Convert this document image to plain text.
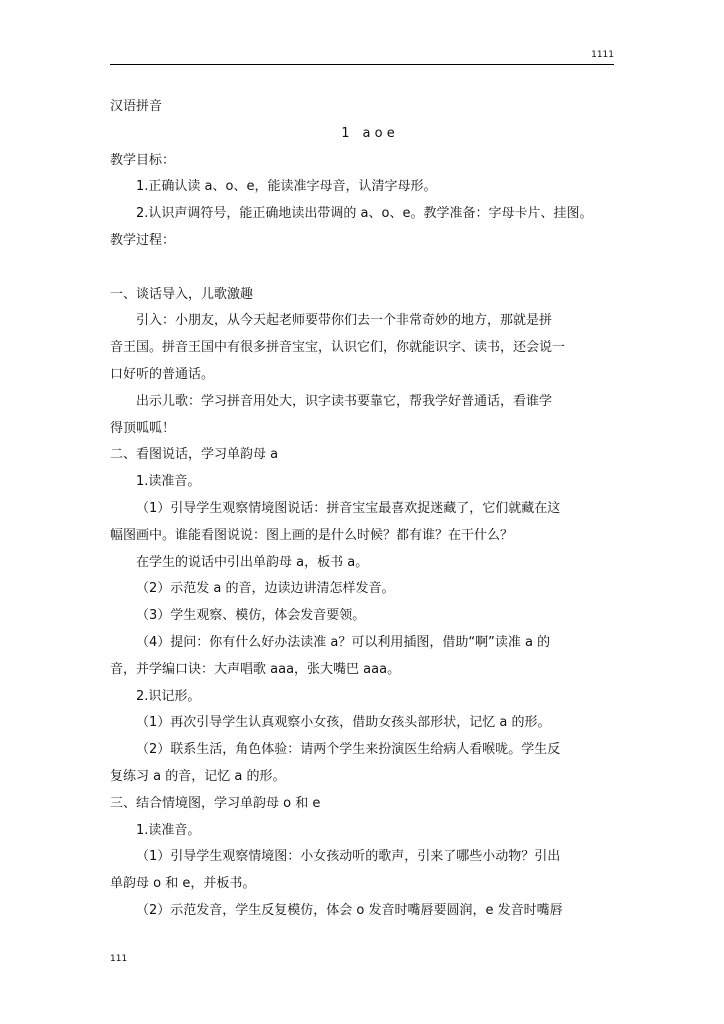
1111

汉语拼音

1　a o e

教学目标：

1.正确认读 a、o、e，能读准字母音，认清字母形。

2.认识声调符号，能正确地读出带调的 a、o、e。教学准备：字母卡片、挂图。

教学过程：

一、谈话导入，儿歌激趣

引入：小朋友，从今天起老师要带你们去一个非常奇妙的地方，那就是拼

音王国。拼音王国中有很多拼音宝宝，认识它们，你就能识字、读书，还会说一

口好听的普通话。

出示儿歌：学习拼音用处大，识字读书要靠它，帮我学好普通话，看谁学

得顶呱呱！

二、看图说话，学习单韵母 a

1.读准音。

（1）引导学生观察情境图说话：拼音宝宝最喜欢捉迷藏了，它们就藏在这

幅图画中。谁能看图说说：图上画的是什么时候？都有谁？在干什么？

在学生的说话中引出单韵母 a，板书 a。

（2）示范发 a 的音，边读边讲清怎样发音。

（3）学生观察、模仿，体会发音要领。

（4）提问：你有什么好办法读准 a？可以利用插图，借助“啊”读准 a 的

音，并学编口诀：大声唱歌 aaa，张大嘴巴 aaa。

2.识记形。

（1）再次引导学生认真观察小女孩，借助女孩头部形状，记忆 a 的形。

（2）联系生活，角色体验：请两个学生来扮演医生给病人看喉咙。学生反

复练习 a 的音，记忆 a 的形。

三、结合情境图，学习单韵母 o 和 e

1.读准音。

（1）引导学生观察情境图：小女孩动听的歌声，引来了哪些小动物？引出

单韵母 o 和 e，并板书。

（2）示范发音，学生反复模仿，体会 o 发音时嘴唇要圆润，e 发音时嘴唇

111
